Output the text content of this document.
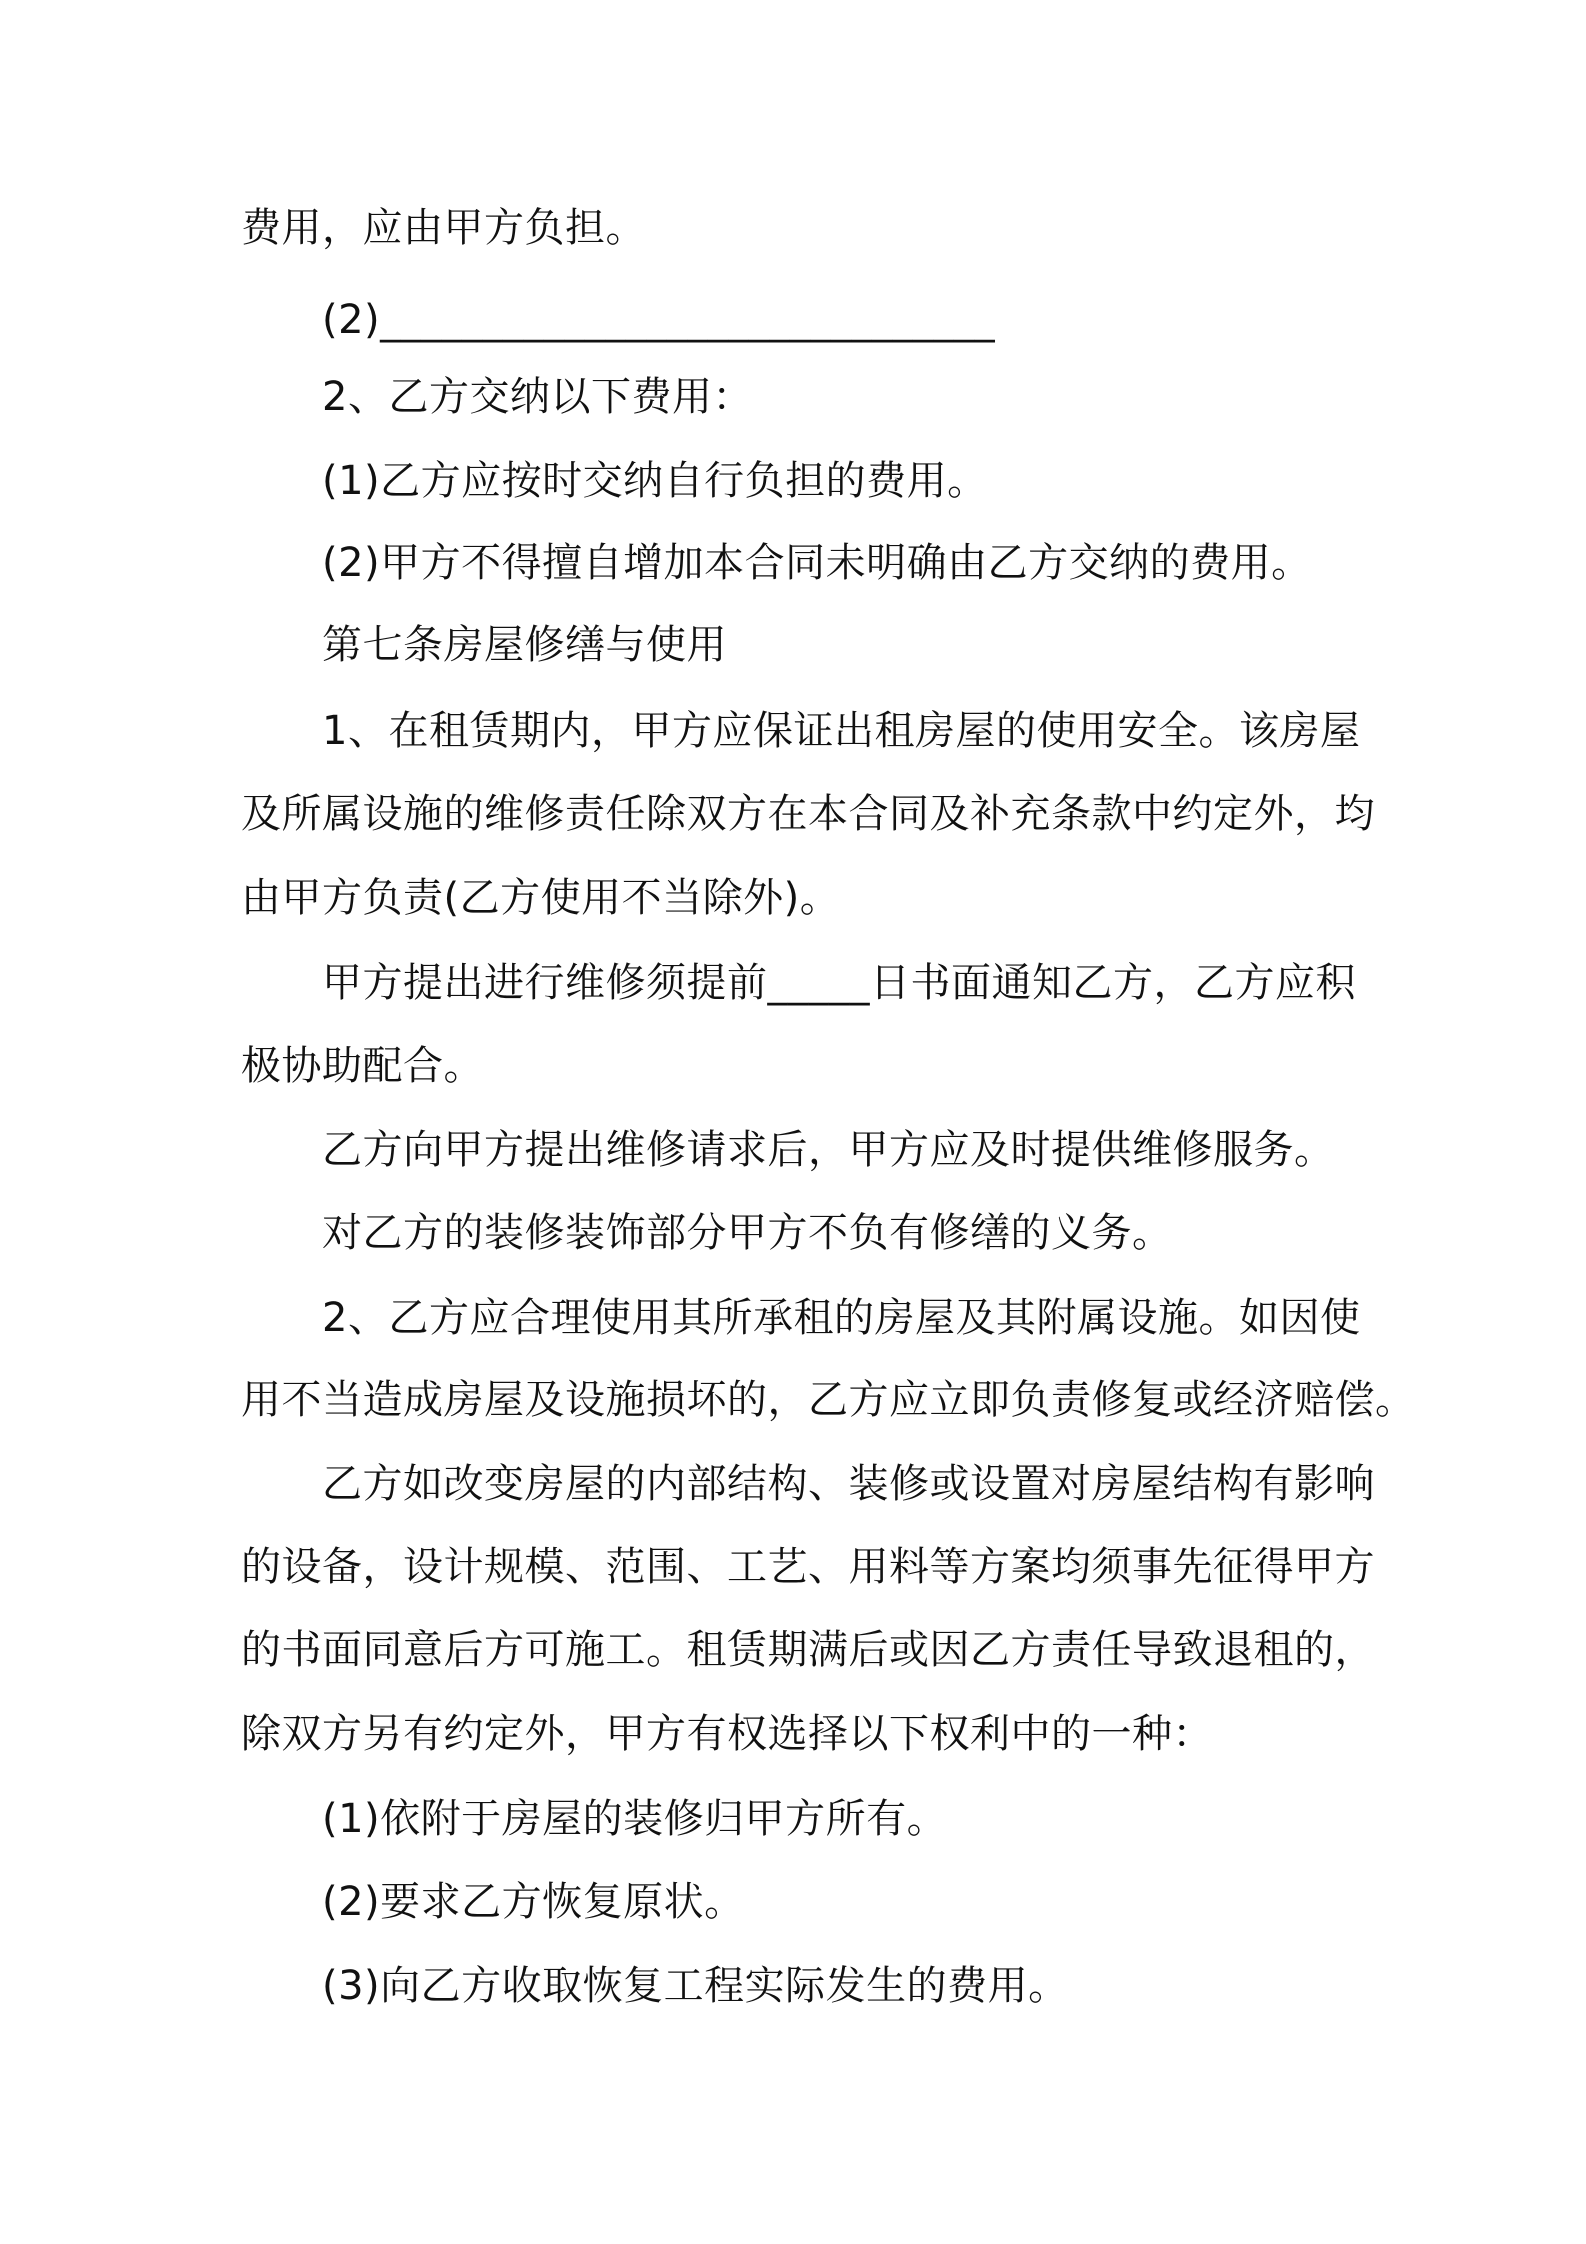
费用，应由甲方负担。

(2)______________________________

2、乙方交纳以下费用：

(1)乙方应按时交纳自行负担的费用。

(2)甲方不得擅自增加本合同未明确由乙方交纳的费用。

第七条房屋修缮与使用

1、在租赁期内，甲方应保证出租房屋的使用安全。该房屋

及所属设施的维修责任除双方在本合同及补充条款中约定外，均

由甲方负责(乙方使用不当除外)。

甲方提出进行维修须提前_____日书面通知乙方，乙方应积

极协助配合。

乙方向甲方提出维修请求后，甲方应及时提供维修服务。

对乙方的装修装饰部分甲方不负有修缮的义务。

2、乙方应合理使用其所承租的房屋及其附属设施。如因使

用不当造成房屋及设施损坏的，乙方应立即负责修复或经济赔偿。

乙方如改变房屋的内部结构、装修或设置对房屋结构有影响

的设备，设计规模、范围、工艺、用料等方案均须事先征得甲方

的书面同意后方可施工。租赁期满后或因乙方责任导致退租的，

除双方另有约定外，甲方有权选择以下权利中的一种：

(1)依附于房屋的装修归甲方所有。

(2)要求乙方恢复原状。

(3)向乙方收取恢复工程实际发生的费用。
